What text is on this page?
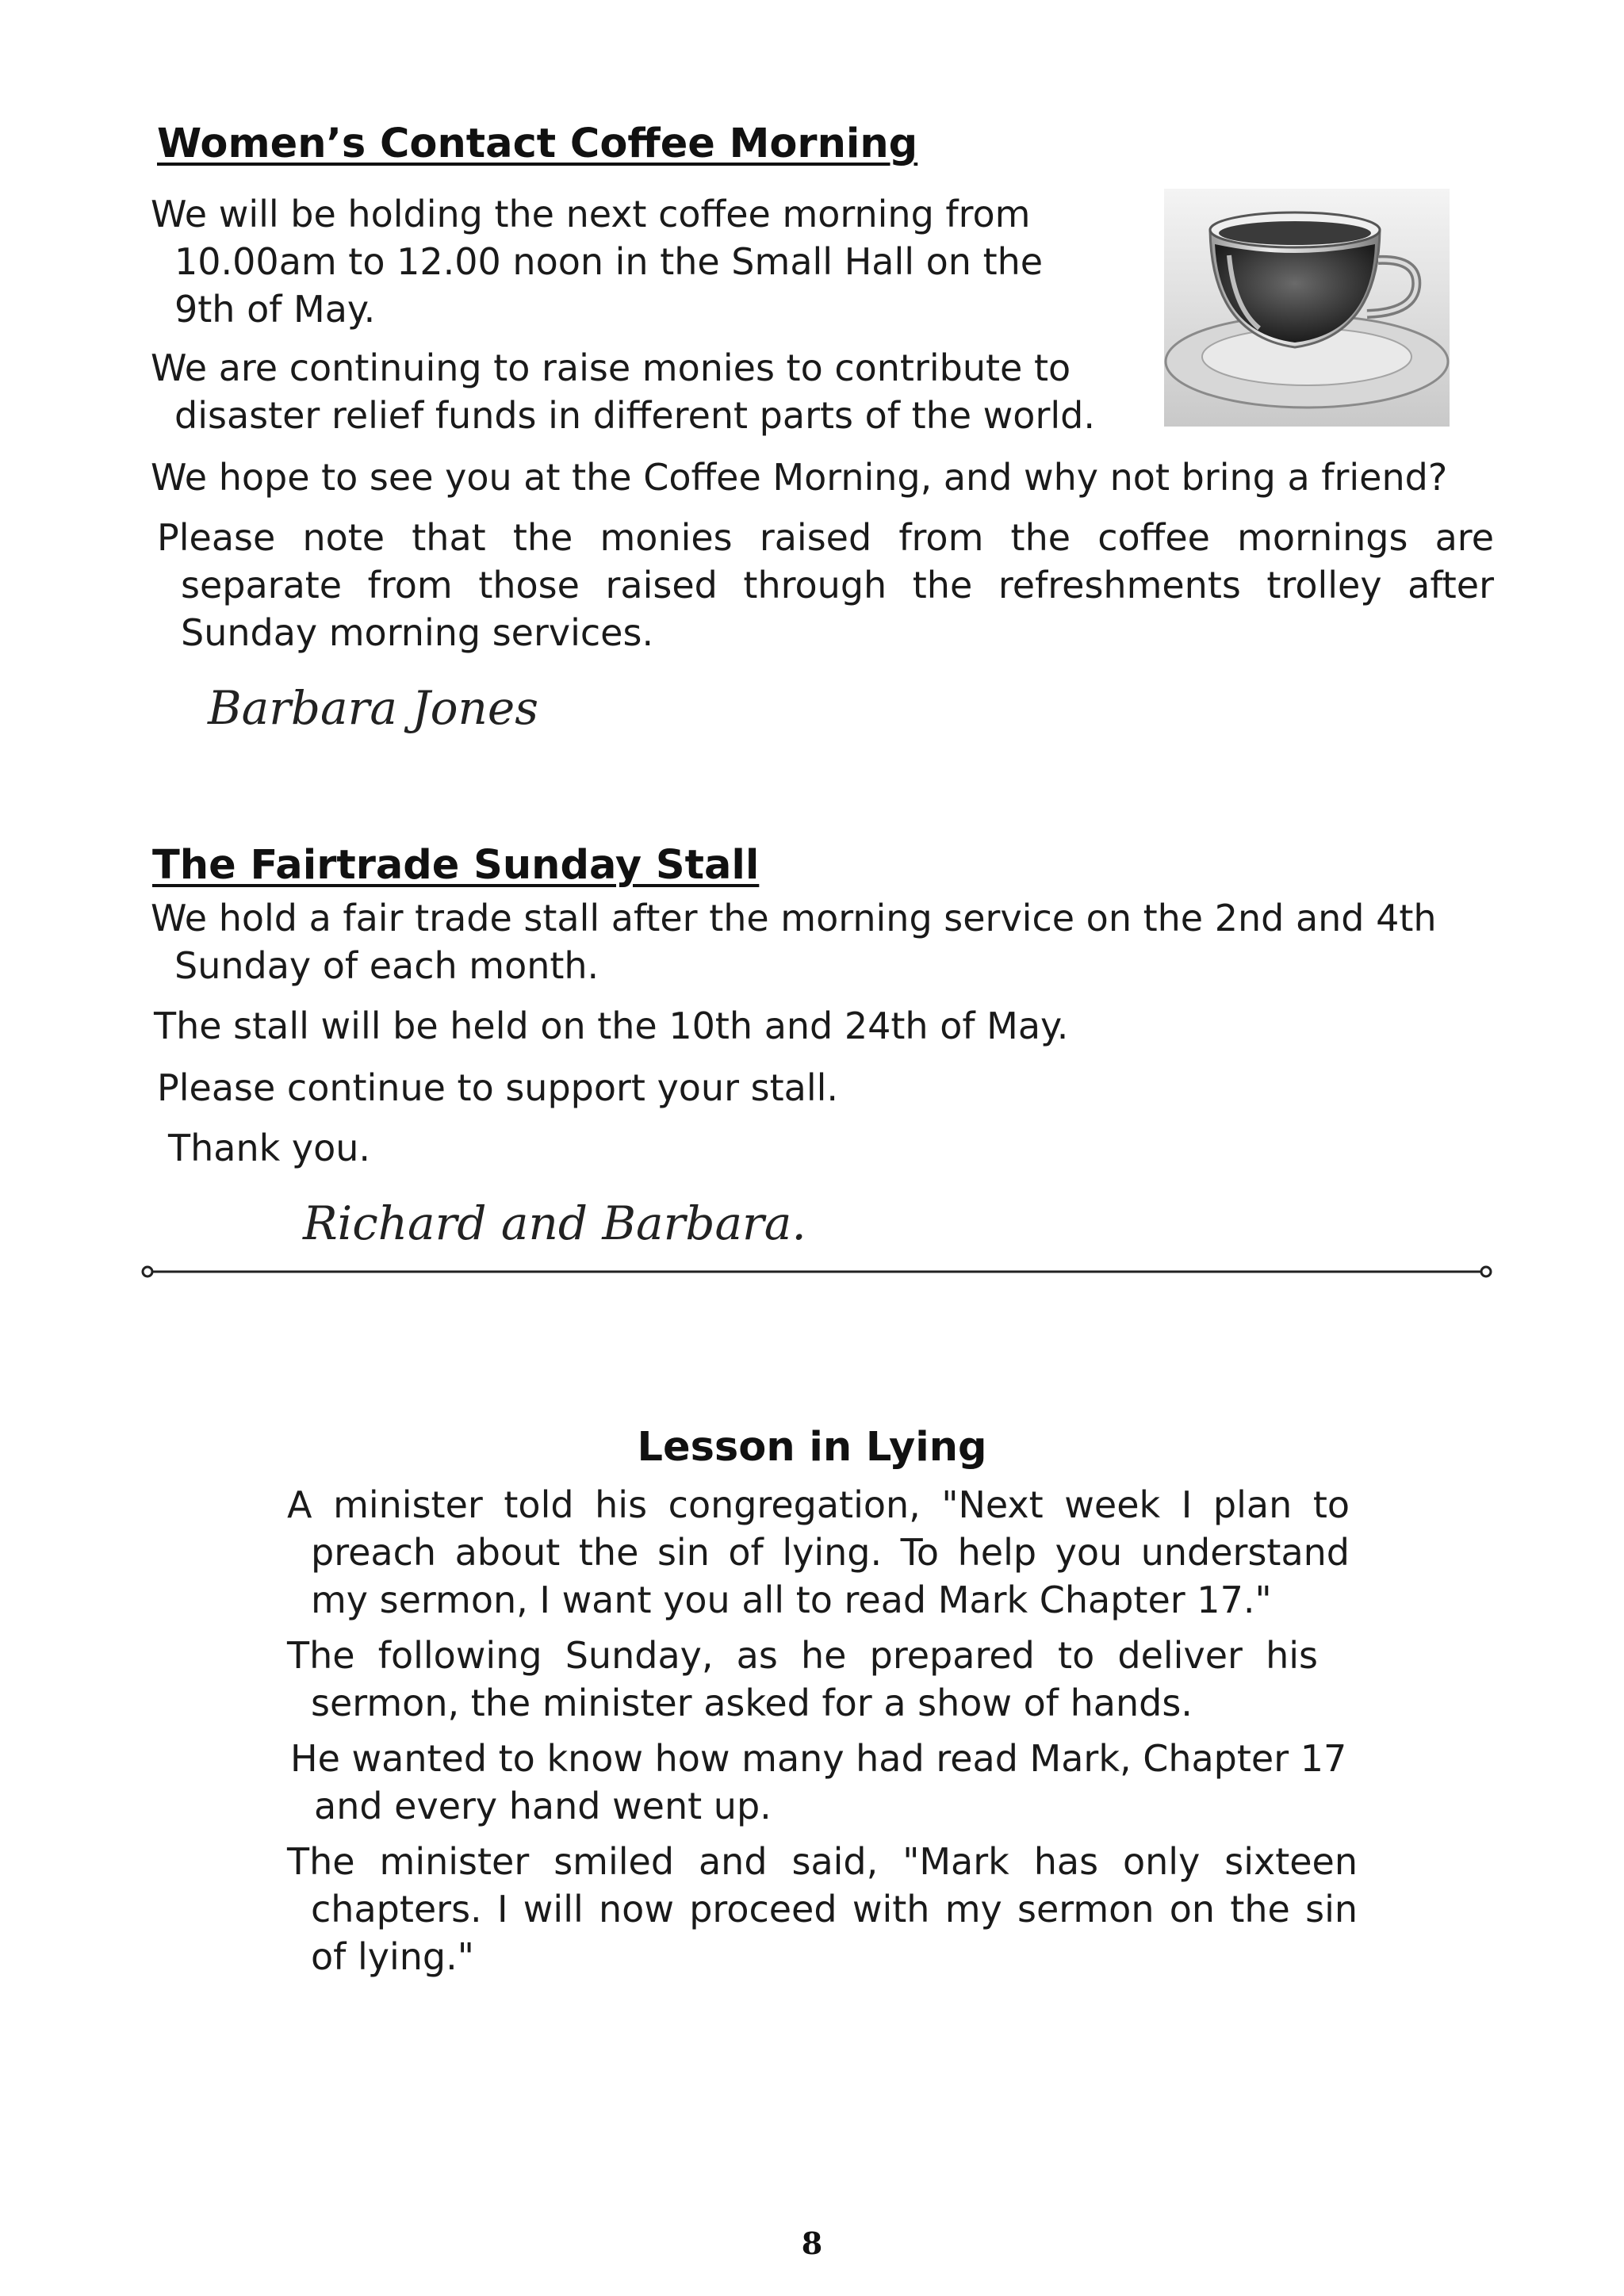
Women’s Contact Coffee Morning

We will be holding the next coffee morning from 10.00am to 12.00 noon in the Small Hall on the 9th of May.

We are continuing to raise monies to contribute to disaster relief funds in different parts of the world.

We hope to see you at the Coffee Morning, and why not bring a friend?

Please note that the monies raised from the coffee mornings are separate from those raised through the refreshments trolley after Sunday morning services.

Barbara Jones

The Fairtrade Sunday Stall

We hold a fair trade stall after the morning service on the 2nd and 4th Sunday of each month.

The stall will be held on the 10th and 24th of May.

Please continue to support your stall.

Thank you.

Richard and Barbara.

Lesson in Lying

A minister told his congregation, "Next week I plan to preach about the sin of lying. To help you understand my sermon, I want you all to read Mark Chapter 17."

The following Sunday, as he prepared to deliver his sermon, the minister asked for a show of hands.

He wanted to know how many had read Mark, Chapter 17 and every hand went up.

The minister smiled and said, "Mark has only sixteen chapters. I will now proceed with my sermon on the sin of lying."

8
